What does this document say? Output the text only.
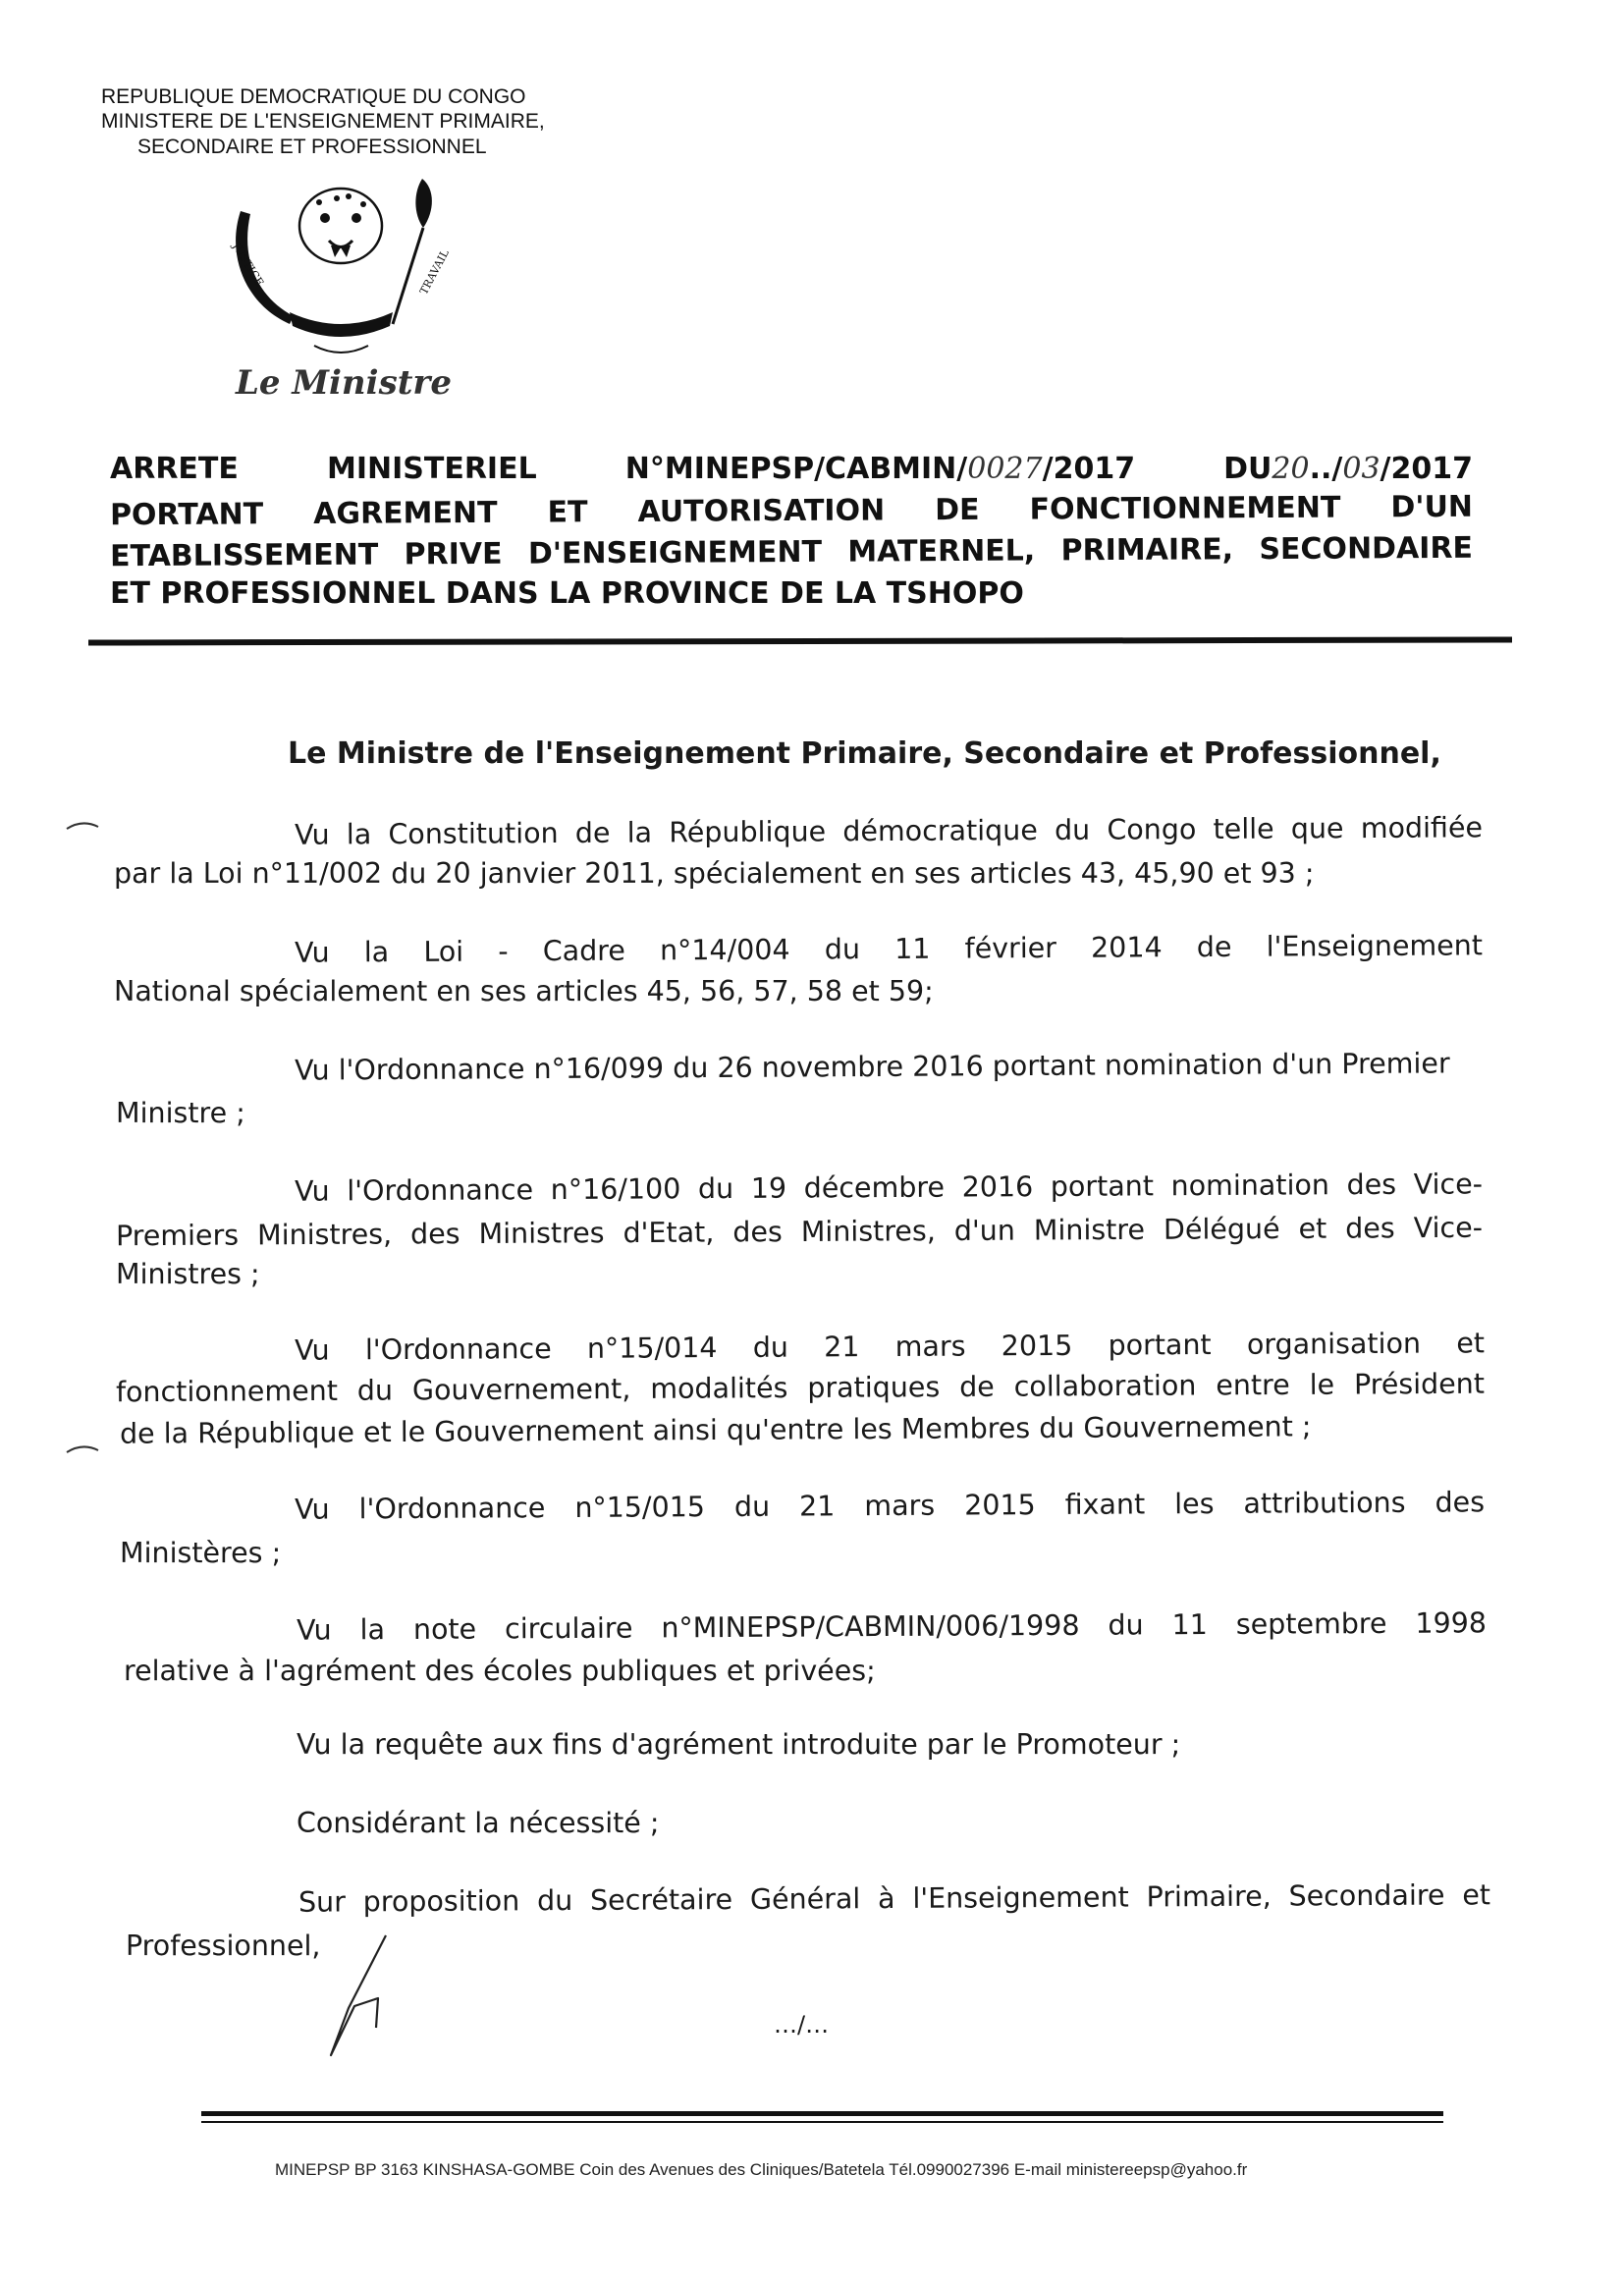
REPUBLIQUE DEMOCRATIQUE DU CONGO
MINISTERE DE L'ENSEIGNEMENT PRIMAIRE,
SECONDAIRE ET PROFESSIONNEL
JUSTICE
PAIX
TRAVAIL
Le Ministre
ARRETE	MINISTERIEL	N°MINEPSP/CABMIN/0027/2017	DU20../03/2017
PORTANT AGREMENT ET AUTORISATION DE FONCTIONNEMENT D'UN
ETABLISSEMENT PRIVE D'ENSEIGNEMENT MATERNEL, PRIMAIRE, SECONDAIRE
ET PROFESSIONNEL DANS LA PROVINCE DE LA TSHOPO
Le Ministre de l'Enseignement Primaire, Secondaire et Professionnel,
Vu la Constitution de la République démocratique du Congo telle que modifiée
par la Loi n°11/002 du 20 janvier 2011, spécialement en ses articles 43, 45,90 et 93 ;
Vu la Loi - Cadre n°14/004 du 11 février 2014 de l'Enseignement
National spécialement en ses articles 45, 56, 57, 58 et 59;
Vu l'Ordonnance n°16/099 du 26 novembre 2016 portant nomination d'un Premier
Ministre ;
Vu l'Ordonnance n°16/100 du 19 décembre 2016 portant nomination des Vice-
Premiers Ministres, des Ministres d'Etat, des Ministres, d'un Ministre Délégué et des Vice-
Ministres ;
Vu l'Ordonnance n°15/014 du 21 mars 2015 portant organisation et
fonctionnement du Gouvernement, modalités pratiques de collaboration entre le Président
de la République et le Gouvernement ainsi qu'entre les Membres du Gouvernement ;
Vu l'Ordonnance n°15/015 du 21 mars 2015 fixant les attributions des
Ministères ;
Vu la note circulaire n°MINEPSP/CABMIN/006/1998 du 11 septembre 1998
relative à l'agrément des écoles publiques et privées;
Vu la requête aux fins d'agrément introduite par le Promoteur ;
Considérant la nécessité ;
Sur proposition du Secrétaire Général à l'Enseignement Primaire, Secondaire et
Professionnel,
…/…
MINEPSP BP 3163 KINSHASA-GOMBE Coin des Avenues des Cliniques/Batetela Tél.0990027396 E-mail ministereepsp@yahoo.fr
